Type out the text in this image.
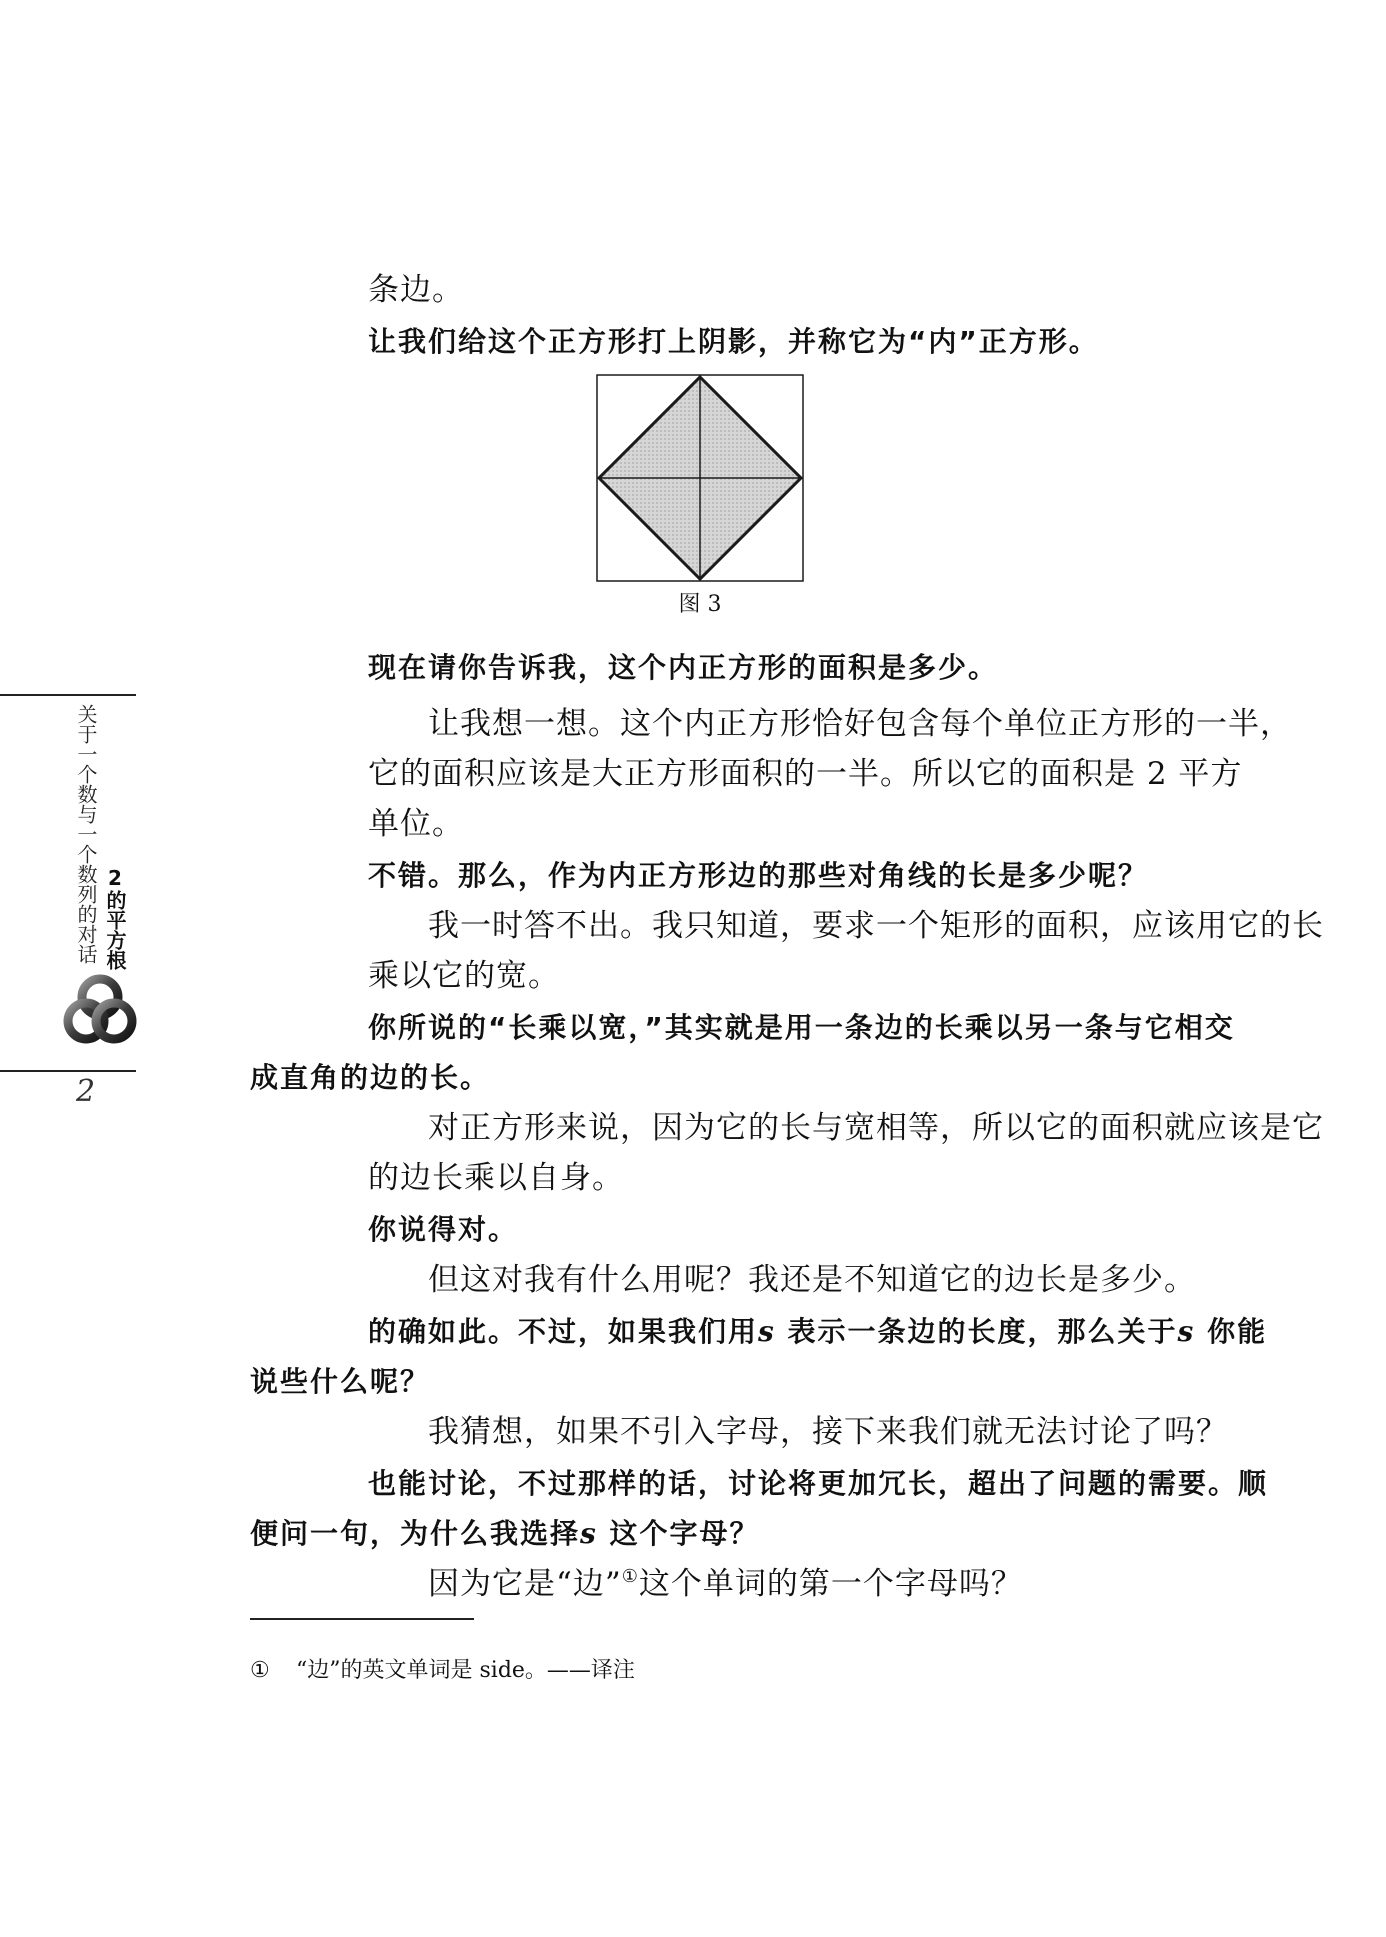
条边。
让我们给这个正方形打上阴影，并称它为“内”正方形。
图 3
现在请你告诉我，这个内正方形的面积是多少。
让我想一想。这个内正方形恰好包含每个单位正方形的一半，
它的面积应该是大正方形面积的一半。所以它的面积是 2 平方
单位。
不错。那么，作为内正方形边的那些对角线的长是多少呢？
我一时答不出。我只知道，要求一个矩形的面积，应该用它的长
乘以它的宽。
你所说的“长乘以宽，”其实就是用一条边的长乘以另一条与它相交
成直角的边的长。
对正方形来说，因为它的长与宽相等，所以它的面积就应该是它
的边长乘以自身。
你说得对。
但这对我有什么用呢？我还是不知道它的边长是多少。
的确如此。不过，如果我们用s 表示一条边的长度，那么关于s 你能
说些什么呢？
我猜想，如果不引入字母，接下来我们就无法讨论了吗？
也能讨论，不过那样的话，讨论将更加冗长，超出了问题的需要。顺
便问一句，为什么我选择s 这个字母？
因为它是“边”①这个单词的第一个字母吗？
关于一个数与一个数列的对话 2的平方根
2
① “边”的英文单词是 side。——译注
